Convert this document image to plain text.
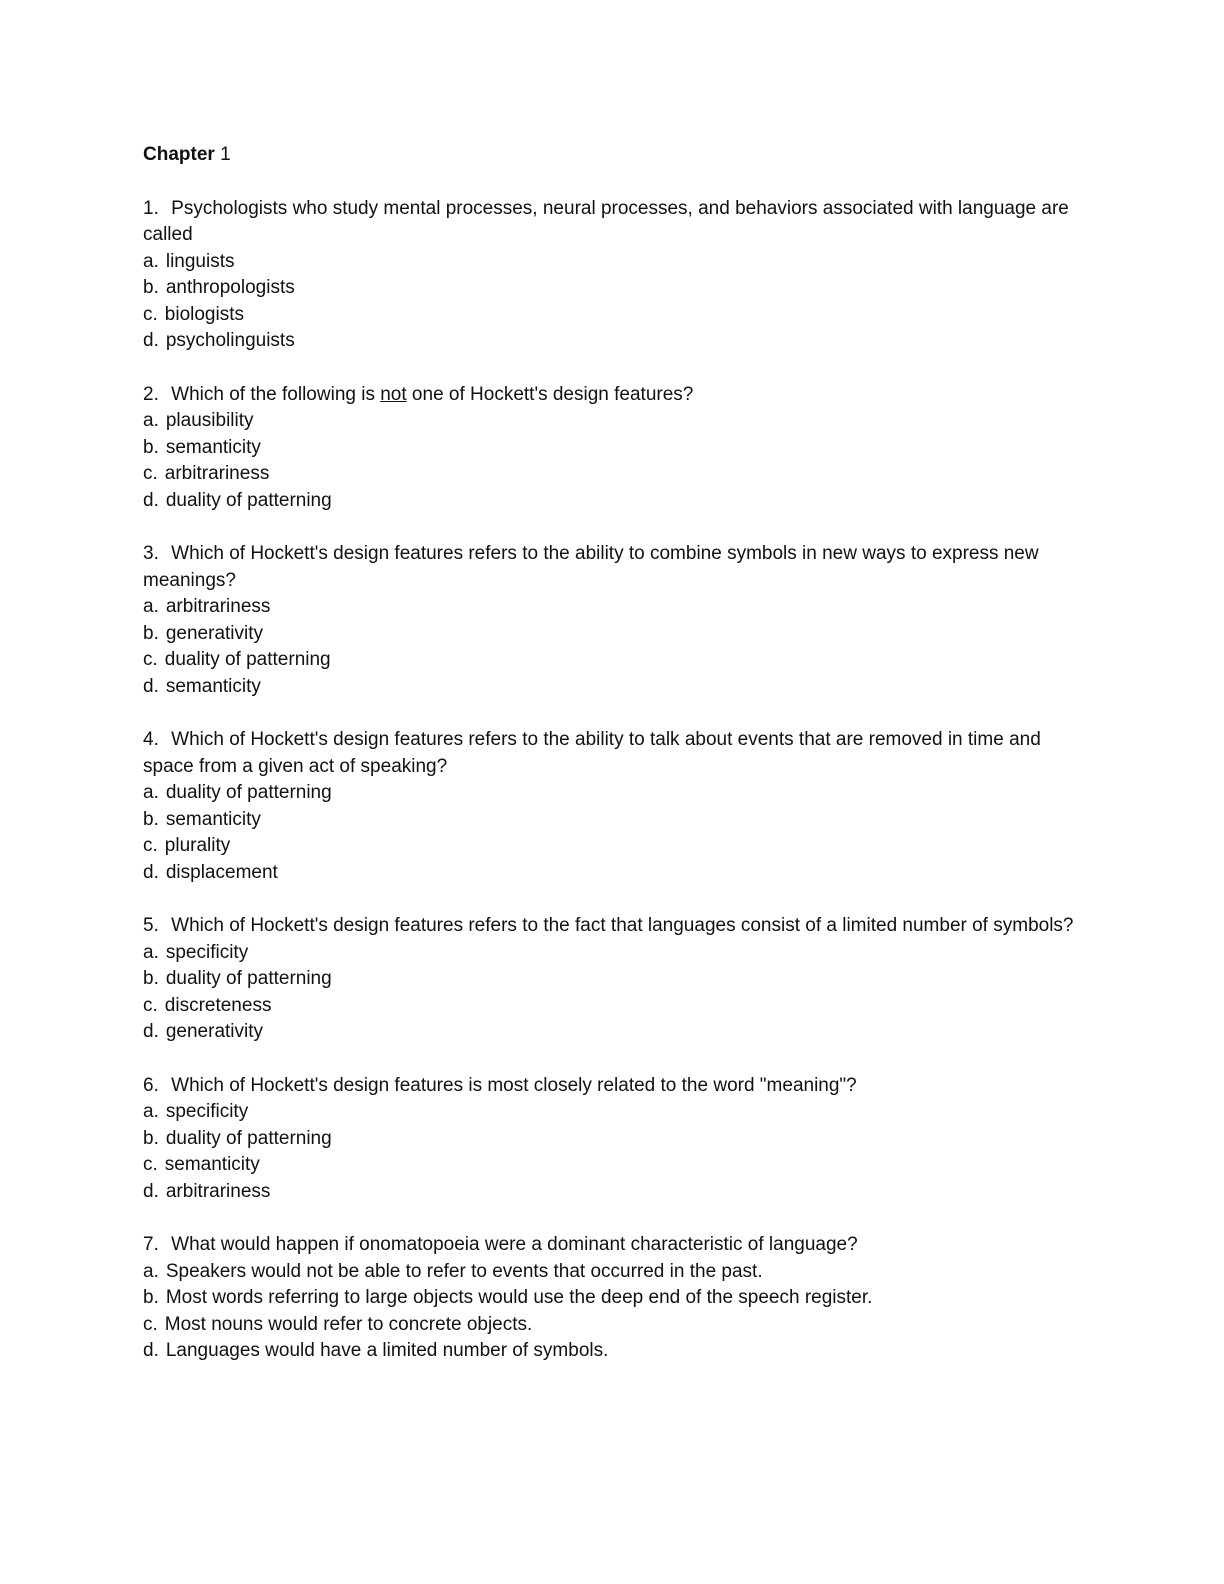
Chapter 1
1. Psychologists who study mental processes, neural processes, and behaviors associated with language are called
a. linguists
b. anthropologists
c. biologists
d. psycholinguists
2. Which of the following is not one of Hockett's design features?
a. plausibility
b. semanticity
c. arbitrariness
d. duality of patterning
3. Which of Hockett's design features refers to the ability to combine symbols in new ways to express new meanings?
a. arbitrariness
b. generativity
c. duality of patterning
d. semanticity
4. Which of Hockett's design features refers to the ability to talk about events that are removed in time and space from a given act of speaking?
a. duality of patterning
b. semanticity
c. plurality
d. displacement
5. Which of Hockett's design features refers to the fact that languages consist of a limited number of symbols?
a. specificity
b. duality of patterning
c. discreteness
d. generativity
6. Which of Hockett's design features is most closely related to the word "meaning"?
a. specificity
b. duality of patterning
c. semanticity
d. arbitrariness
7. What would happen if onomatopoeia were a dominant characteristic of language?
a. Speakers would not be able to refer to events that occurred in the past.
b. Most words referring to large objects would use the deep end of the speech register.
c. Most nouns would refer to concrete objects.
d. Languages would have a limited number of symbols.
